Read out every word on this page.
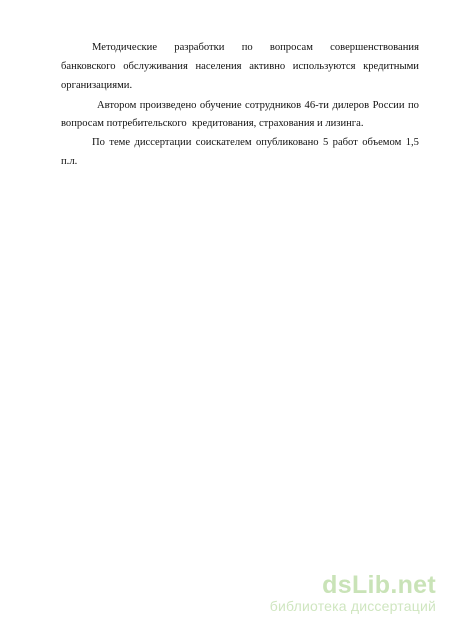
Методические разработки по вопросам совершенствования
банковского обслуживания населения активно используются кредитными

организациями.

Автором произведено обучение сотрудников 46-ти дилеров России по

вопросам потребительского  кредитования, страхования и лизинга.

По теме диссертации соискателем опубликовано 5 работ объемом 1,5

п.л.

dsLib.net
библиотека диссертаций
